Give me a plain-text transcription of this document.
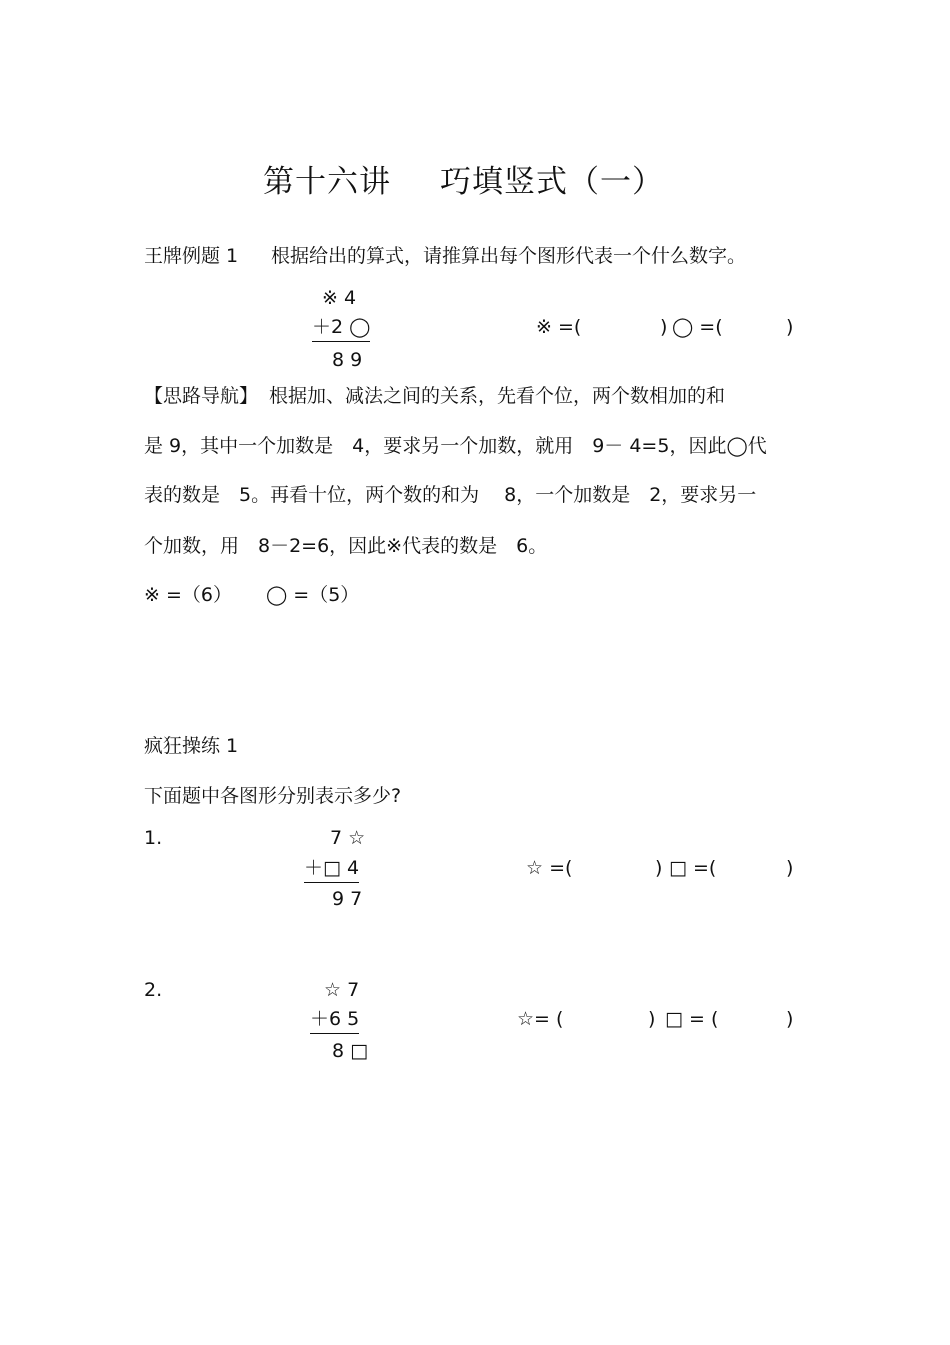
第十六讲 巧填竖式（一）
王牌例题 1 根据给出的算式，请推算出每个图形代表一个什么数字。
※ 4
＋2 ◯
8 9
※ =(	) ◯ =(	)
【思路导航】 根据加、减法之间的关系，先看个位，两个数相加的和
是 9，其中一个加数是　4，要求另一个加数，就用　9－ 4=5，因此◯代
表的数是　5。再看十位，两个数的和为　 8，一个加数是　2，要求另一
个加数，用　8－2=6，因此※代表的数是　6。
※ =（6） ◯ =（5）
疯狂操练 1
下面题中各图形分别表示多少?
1.	7 ☆
＋□ 4
9 7
☆ =(	) □ =(	)
2.	☆ 7
＋6 5
8 □
☆= (	) □ = (	)
